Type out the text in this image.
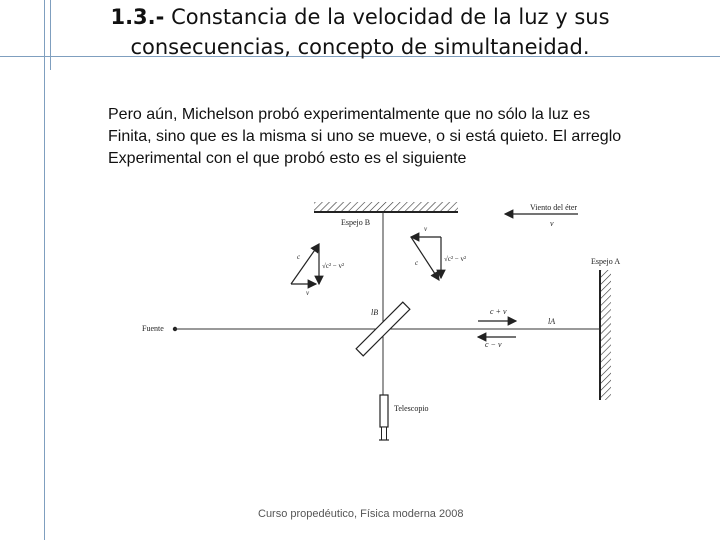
1.3.- Constancia de la velocidad de la luz y sus
consecuencias, concepto de simultaneidad.
Pero aún, Michelson probó experimentalmente que no sólo la luz es
Finita, sino que es la misma si uno se mueve, o si está quieto. El arreglo
Experimental con el que probó esto es el siguiente
Espejo B
Espejo A
Fuente
lB
lA
Viento del éter
v
c + v
c − v
c
√c² − v²
v
v
c	√c² − v²
Telescopio
Curso propedéutico, Física moderna 2008
